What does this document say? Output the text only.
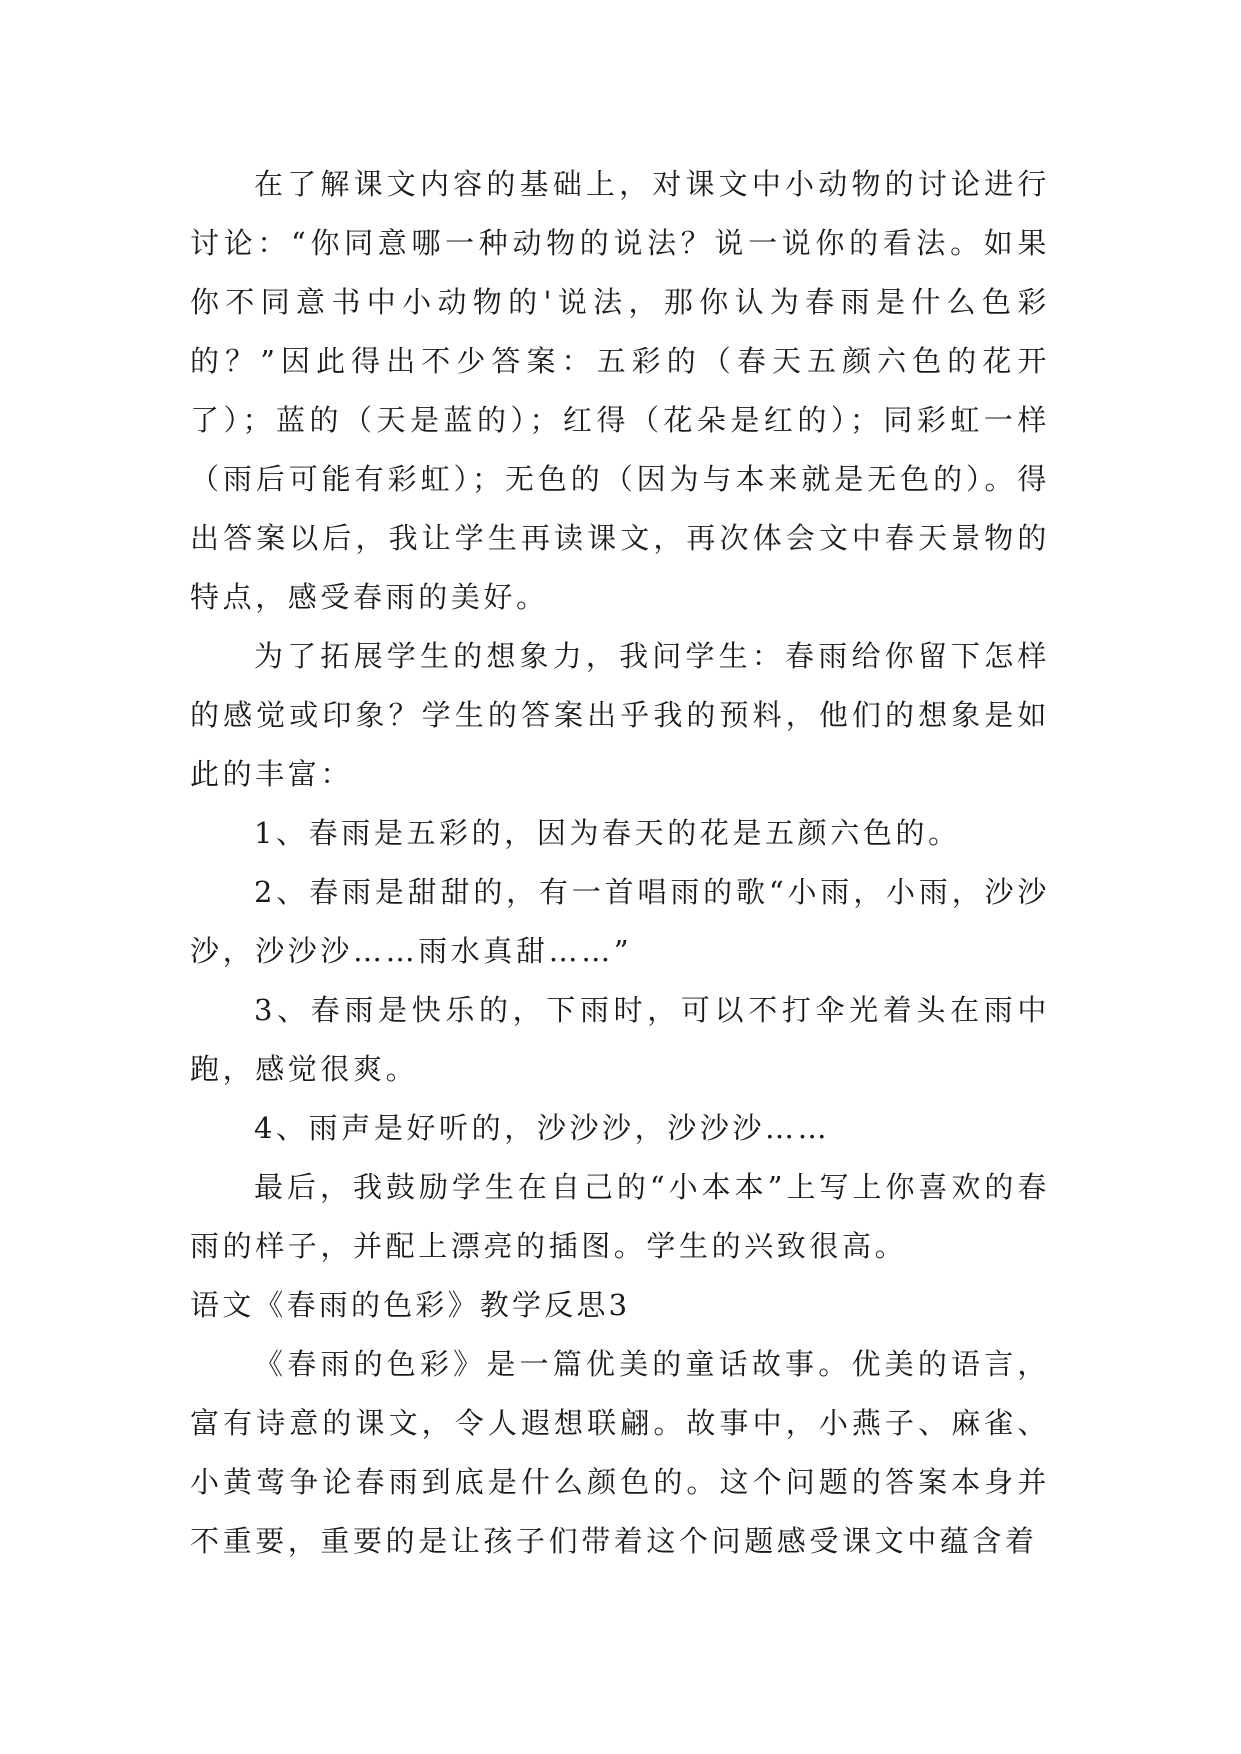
在了解课文内容的基础上，对课文中小动物的讨论进行讨论：“你同意哪一种动物的说法？说一说你的看法。如果你不同意书中小动物的'说法，那你认为春雨是什么色彩的？”因此得出不少答案：五彩的（春天五颜六色的花开了）；蓝的（天是蓝的）；红得（花朵是红的）；同彩虹一样（雨后可能有彩虹）；无色的（因为与本来就是无色的）。得出答案以后，我让学生再读课文，再次体会文中春天景物的特点，感受春雨的美好。

为了拓展学生的想象力，我问学生：春雨给你留下怎样的感觉或印象？学生的答案出乎我的预料，他们的想象是如此的丰富：

1、春雨是五彩的，因为春天的花是五颜六色的。

2、春雨是甜甜的，有一首唱雨的歌“小雨，小雨，沙沙沙，沙沙沙……雨水真甜……”

3、春雨是快乐的，下雨时，可以不打伞光着头在雨中跑，感觉很爽。

4、雨声是好听的，沙沙沙，沙沙沙……

最后，我鼓励学生在自己的“小本本”上写上你喜欢的春雨的样子，并配上漂亮的插图。学生的兴致很高。

语文《春雨的色彩》教学反思3

《春雨的色彩》是一篇优美的童话故事。优美的语言，富有诗意的课文，令人遐想联翩。故事中，小燕子、麻雀、小黄莺争论春雨到底是什么颜色的。这个问题的答案本身并不重要，重要的是让孩子们带着这个问题感受课文中蕴含着
